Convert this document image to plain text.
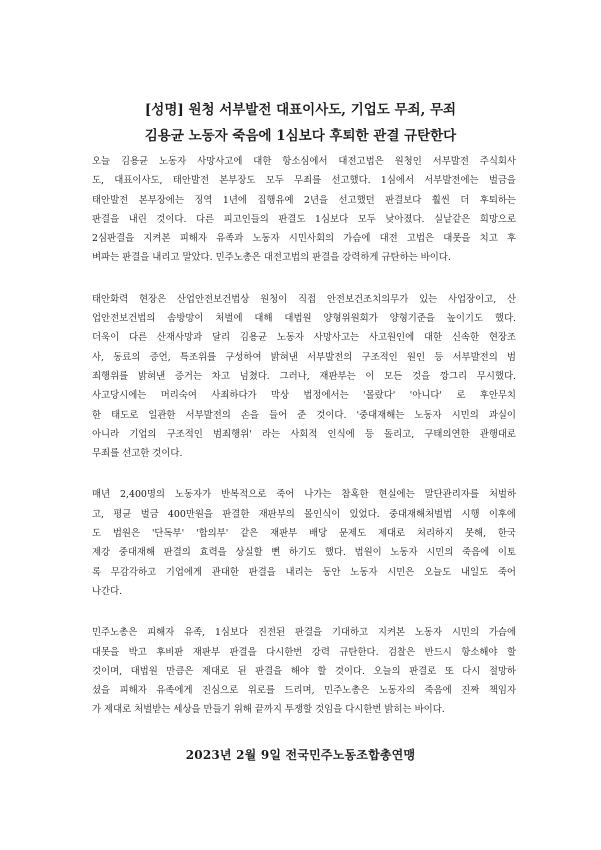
[성명] 원청 서부발전 대표이사도, 기업도 무죄, 무죄
김용균 노동자 죽음에 1심보다 후퇴한 관결 규탄한다
오늘 김용균 노동자 사망사고에 대한 항소심에서 대전고법은 원청인 서부발전 주식회사
도, 대표이사도, 태안발전 본부장도 모두 무죄를 선고했다. 1심에서 서부발전에는 벌금을
태안발전 본부장에는 징역 1년에 집행유예 2년을 선고했던 판결보다 훨씬 더 후퇴하는
판결을 내린 것이다. 다른 피고인들의 판결도 1심보다 모두 낮아졌다. 실낱같은 희망으로
2심판결을 지켜본 피해자 유족과 노동자 시민사회의 가슴에 대전 고법은 대못을 치고 후
벼파는 판결을 내리고 말았다. 민주노총은 대전고법의 판결을 강력하게 규탄하는 바이다.
태안화력 현장은 산업안전보건법상 원청이 직접 안전보건조치의무가 있는 사업장이고, 산
업안전보건법의 솜방망이 처벌에 대해 대법원 양형위원회가 양형기준을 높이기도 했다.
더욱이 다른 산재사망과 달리 김용균 노동자 사망사고는 사고원인에 대한 신속한 현장조
사, 동료의 증언, 특조위를 구성하여 밝혀낸 서부발전의 구조적인 원인 등 서부발전의 범
죄행위를 밝혀낸 증거는 차고 넘쳤다. 그러나, 재판부는 이 모든 것을 깡그리 무시했다.
사고당시에는 머리숙여 사죄하다가 막상 법정에서는 '몰랐다' '아니다' 로 후안무치
한 태도로 일관한 서부발전의 손을 들어 준 것이다. '중대재해는 노동자 시민의 과실이
아니라 기업의 구조적인 범죄행위' 라는 사회적 인식에 등 돌리고, 구태의연한 관행대로
무죄를 선고한 것이다.
매년 2,400명의 노동자가 반복적으로 죽어 나가는 참혹한 현실에는 말단관리자를 처벌하
고, 평균 벌금 400만원을 판결한 재판부의 몰인식이 있었다. 중대재해처벌법 시행 이후에
도 법원은 '단독부' '합의부' 같은 재판부 배당 문제도 제대로 처리하지 못해, 한국
제강 중대재해 판결의 효력을 상실할 뻔 하기도 했다. 법원이 노동자 시민의 죽음에 이토
록 무감각하고 기업에게 관대한 판결을 내리는 동안 노동자 시민은 오늘도 내일도 죽어
나간다.
민주노총은 피해자 유족, 1심보다 진전된 판결을 기대하고 지켜본 노동자 시민의 가슴에
대못을 박고 후비판 재판부 판결을 다시한번 강력 규탄한다. 검찰은 반드시 항소해야 할
것이며, 대법원 만큼은 제대로 된 판결을 해야 할 것이다. 오늘의 판결로 또 다시 절망하
셨을 피해자 유족에게 진심으로 위로를 드리며, 민주노총은 노동자의 죽음에 진짜 책임자
가 제대로 처벌받는 세상을 만들기 위해 끝까지 투쟁할 것임을 다시한번 밝히는 바이다.
2023년 2월 9일 전국민주노동조합총연맹
